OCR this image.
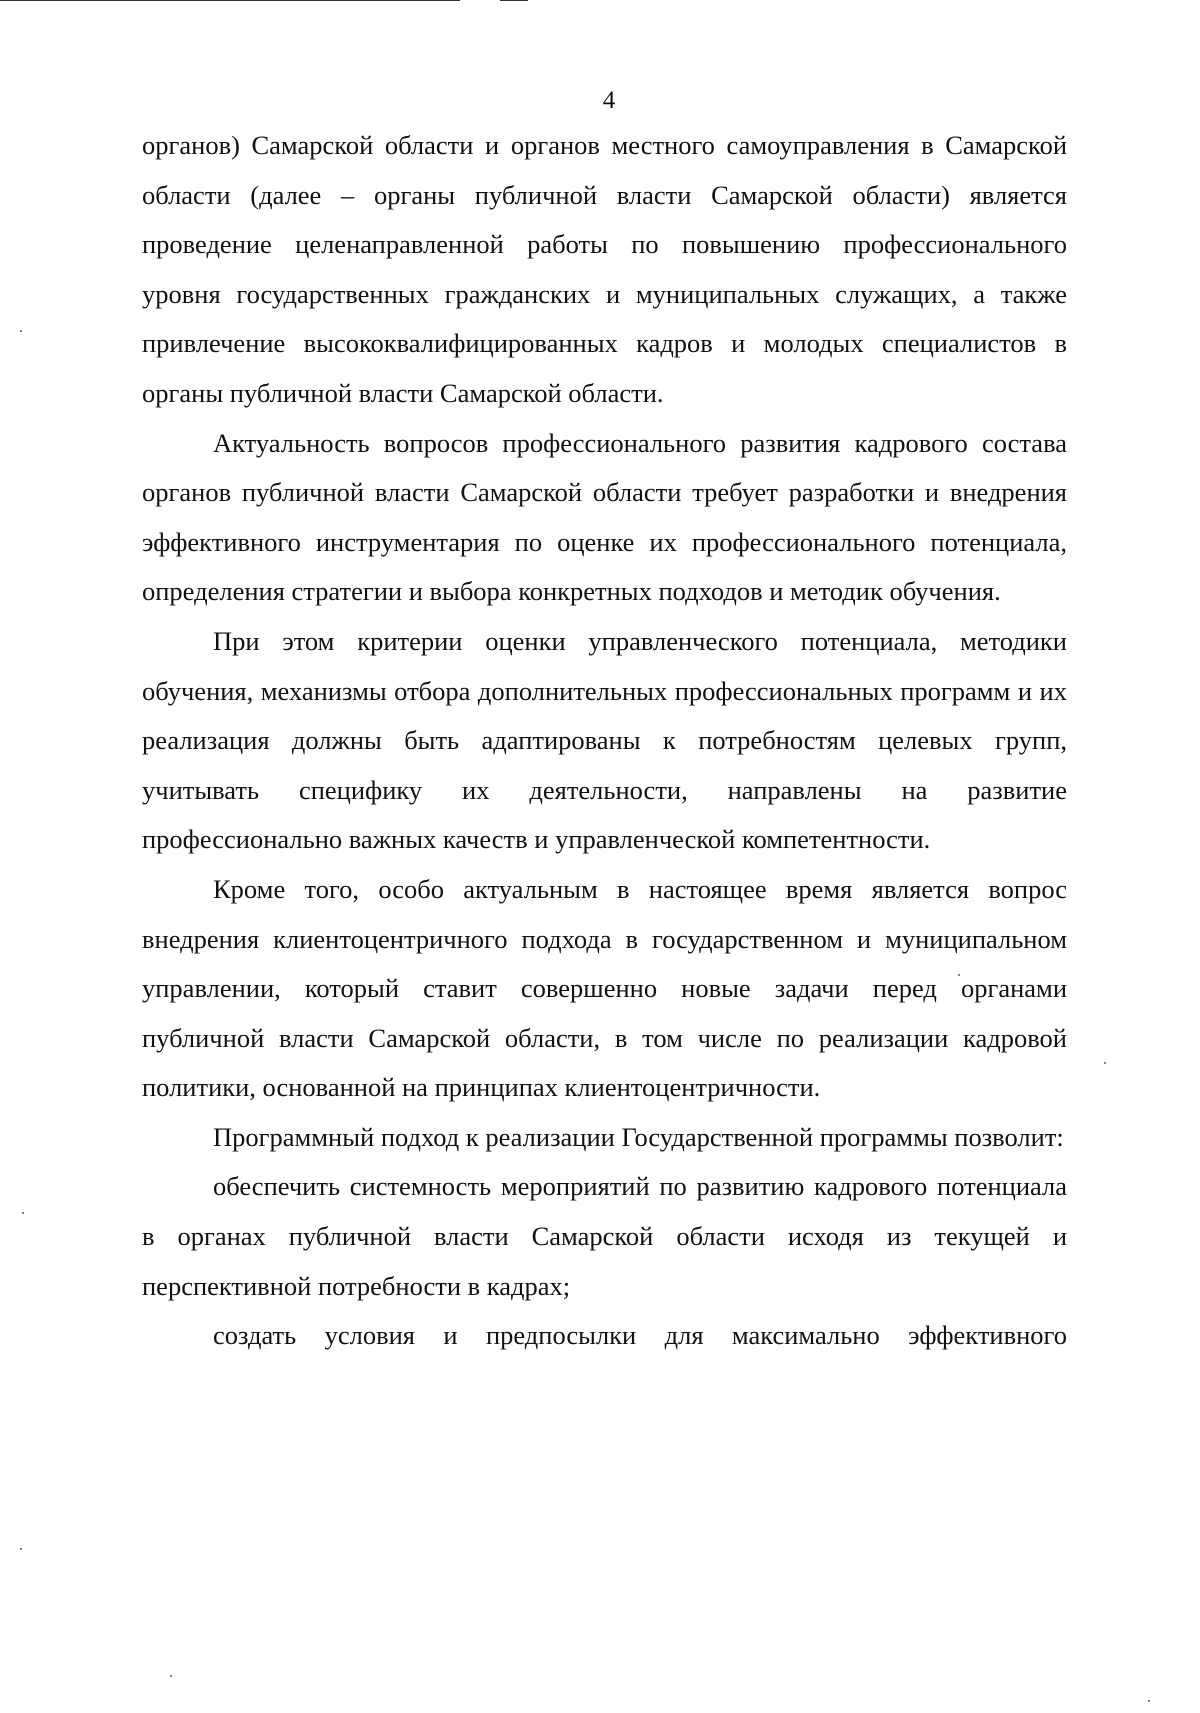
4

органов) Самарской области и органов местного самоуправления в Самарской области (далее – органы публичной власти Самарской области) является проведение целенаправленной работы по повышению профессионального уровня государственных гражданских и муниципальных служащих, а также привлечение высококвалифицированных кадров и молодых специалистов в органы публичной власти Самарской области.

Актуальность вопросов профессионального развития кадрового состава органов публичной власти Самарской области требует разработки и внедрения эффективного инструментария по оценке их профессионального потенциала, определения стратегии и выбора конкретных подходов и методик обучения.

При этом критерии оценки управленческого потенциала, методики обучения, механизмы отбора дополнительных профессиональных программ и их реализация должны быть адаптированы к потребностям целевых групп, учитывать специфику их деятельности, направлены на развитие профессионально важных качеств и управленческой компетентности.

Кроме того, особо актуальным в настоящее время является вопрос внедрения клиентоцентричного подхода в государственном и муниципальном управлении, который ставит совершенно новые задачи перед органами публичной власти Самарской области, в том числе по реализации кадровой политики, основанной на принципах клиентоцентричности.

Программный подход к реализации Государственной программы позволит:

обеспечить системность мероприятий по развитию кадрового потенциала в органах публичной власти Самарской области исходя из текущей и перспективной потребности в кадрах;

создать условия и предпосылки для максимально эффективного
